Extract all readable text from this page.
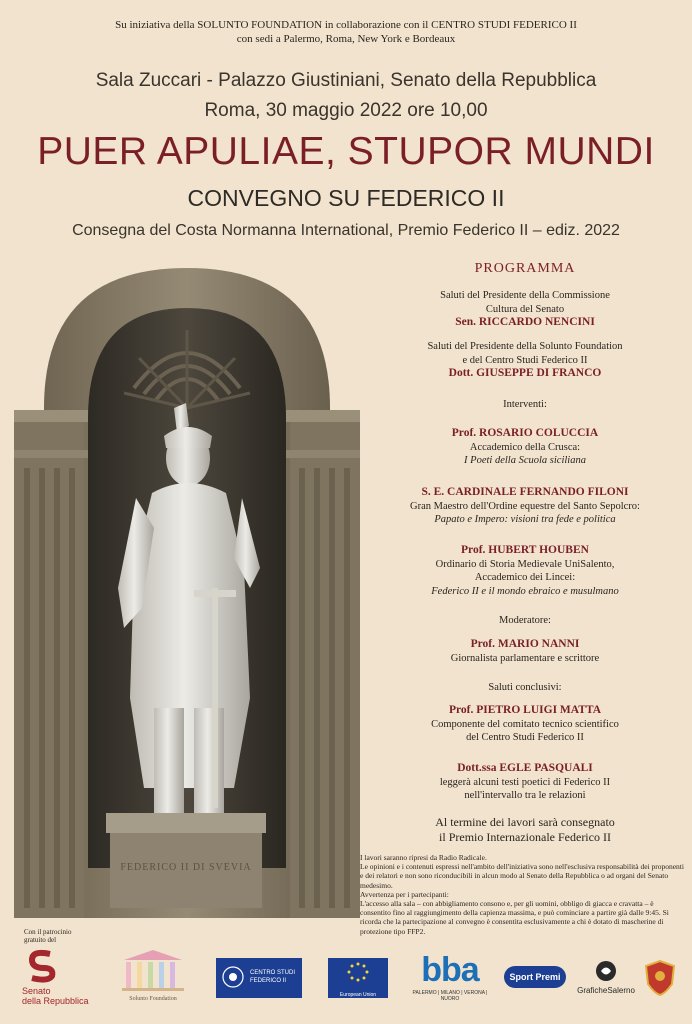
Su iniziativa della SOLUNTO FOUNDATION in collaborazione con il CENTRO STUDI FEDERICO II
con sedi a Palermo, Roma, New York e Bordeaux
Sala Zuccari - Palazzo Giustiniani, Senato della Repubblica
Roma, 30 maggio 2022 ore 10,00
PUER APULIAE, STUPOR MUNDI
CONVEGNO SU FEDERICO II
Consegna del Costa Normanna International, Premio Federico II – ediz. 2022
FEDERICO II DI SVEVIA
PROGRAMMA
Saluti del Presidente della Commissione
Cultura del Senato
Sen. RICCARDO NENCINI
Saluti del Presidente della Solunto Foundation
e del Centro Studi Federico II
Dott. GIUSEPPE DI FRANCO
Interventi:
Prof. ROSARIO COLUCCIA
Accademico della Crusca:
I Poeti della Scuola siciliana
S. E. CARDINALE FERNANDO FILONI
Gran Maestro dell'Ordine equestre del Santo Sepolcro:
Papato e Impero: visioni tra fede e politica
Prof. HUBERT HOUBEN
Ordinario di Storia Medievale UniSalento,
Accademico dei Lincei:
Federico II e il mondo ebraico e musulmano
Moderatore:
Prof. MARIO NANNI
Giornalista parlamentare e scrittore
Saluti conclusivi:
Prof. PIETRO LUIGI MATTA
Componente del comitato tecnico scientifico
del Centro Studi Federico II
Dott.ssa EGLE PASQUALI
leggerà alcuni testi poetici di Federico II
nell'intervallo tra le relazioni
Al termine dei lavori sarà consegnato
il Premio Internazionale Federico II
I lavori saranno ripresi da Radio Radicale.
Le opinioni e i contenuti espressi nell'ambito dell'iniziativa sono nell'esclusiva responsabilità dei proponenti e dei relatori e non sono riconducibili in alcun modo al Senato della Repubblica o ad organi del Senato medesimo.
Avvertenza per i partecipanti:
L'accesso alla sala – con abbigliamento consono e, per gli uomini, obbligo di giacca e cravatta – è consentito fino al raggiungimento della capienza massima, e può cominciare a partire già dalle 9:45. Si ricorda che la partecipazione al convegno è consentita esclusivamente a chi è dotato di mascherine di protezione tipo FFP2.
Con il patrocinio
gratuito del
Senato
della Repubblica	Solunto Foundation
CENTRO STUDI
FEDERICO II
European Union
bba
PALERMO | MILANO | VERONA | NUORO
Sport Premi
GraficheSalerno
